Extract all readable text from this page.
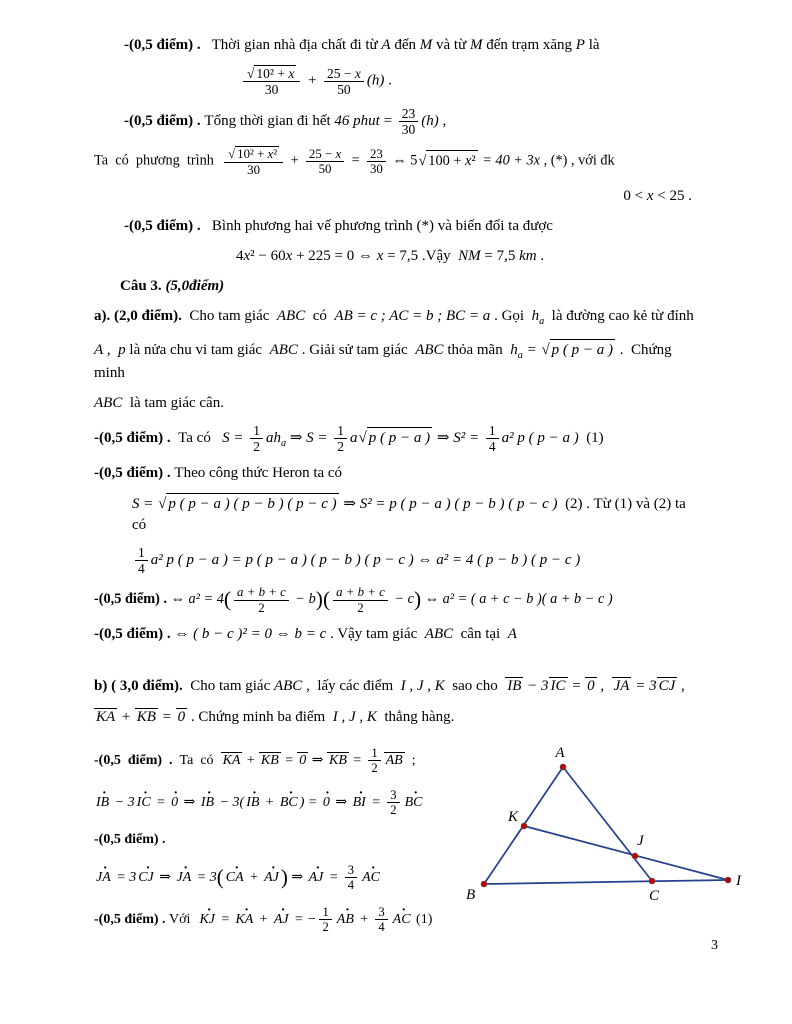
-(0,5 điểm) .   Thời gian nhà địa chất đi từ A đến M và từ M đến trạm xăng P là
√ $\frac{\text{10² + x}}{30} + \frac{25 - x}{50} (h)$ .
-(0,5 điểm) . Tổng thời gian đi hết 46 phut = $\frac{23}{30} (h)$ ,
Ta  có  phương  trình √ $\frac{\text{10² + x²}}{30} + \frac{25 - x}{50} = \frac{23}{30}$ ⇔ 5 √ 100 + x² = 40 + 3x , (*) , với đk
0 < x < 25 .
-(0,5 điểm) .   Bình phương hai vế phương trình (*) và biến đổi ta được
4x² − 60x + 225 = 0 ⇔ x = 7,5 .Vậy  NM = 7,5 km .
Câu 3. (5,0điểm)
a). (2,0 điểm).  Cho tam giác  ABC  có  AB = c ; AC = b ; BC = a . Gọi  $h_a$  là đường cao kẻ từ đỉnh
A ,  p là nửa chu vi tam giác  ABC . Giải sử tam giác  ABC thỏa mãn  $h_a$ = √ p ( p − a ) .  Chứng minh
ABC  là tam giác cân.
-(0,5 điểm) .  Ta có   $S = \frac{1}{2} ah_a$ ⇒ $S = \frac{1}{2}$ a √ p ( p − a ) ⇒ $S^2 = \frac{1}{4} a^2$ p ( p − a )  (1)
-(0,5 điểm) . Theo công thức Heron ta có
S = √ p ( p − a ) ( p − b ) ( p − c ) ⇒ S² = p ( p − a ) ( p − b ) ( p − c )  (2) . Từ (1) và (2) ta có
$\frac{1}{4} a^2$ p ( p − a ) = p ( p − a ) ( p − b ) ( p − c ) ⇔ a² = 4 ( p − b ) ( p − c )
-(0,5 điểm) . ⇔ $a^2 = 4( \frac{a + b + c}{2} - b)( \frac{a + b + c}{2} - c)$ ⇔ a² = ( a + c − b )( a + b − c )
-(0,5 điểm) . ⇔ ( b − c )² = 0 ⇔ b = c . Vậy tam giác  ABC  cân tại  A
b) ( 3,0 điểm).  Cho tam giác ABC ,  lấy các điểm  I , J , K  sao cho  IB − 3 IC = 0 ,  JA = 3 CJ ,
KA + KB = 0 . Chứng minh ba điểm  I , J , K  thẳng hàng.
A
B	C
I
K
J
-(0,5  điểm)  .  Ta  có  KA + KB = 0 ⇒ KB = $\frac{1}{2}$ AB  ;
IB · − 3 IC · = 0 · ⇒ IB · − 3( IB · + BC · ) = 0 · ⇒ BI · = $\frac{3}{2}$ BC ·
-(0,5 điểm) .
JA · = 3 CJ · ⇒ JA · = 3( CA · + AJ ·) ⇒ AJ · = $\frac{3}{4}$ AC ·
-(0,5 điểm) . Với  KJ · = KA · + AJ · = − $\frac{1}{2}$ AB · + $\frac{3}{4}$ AC · (1)
3
